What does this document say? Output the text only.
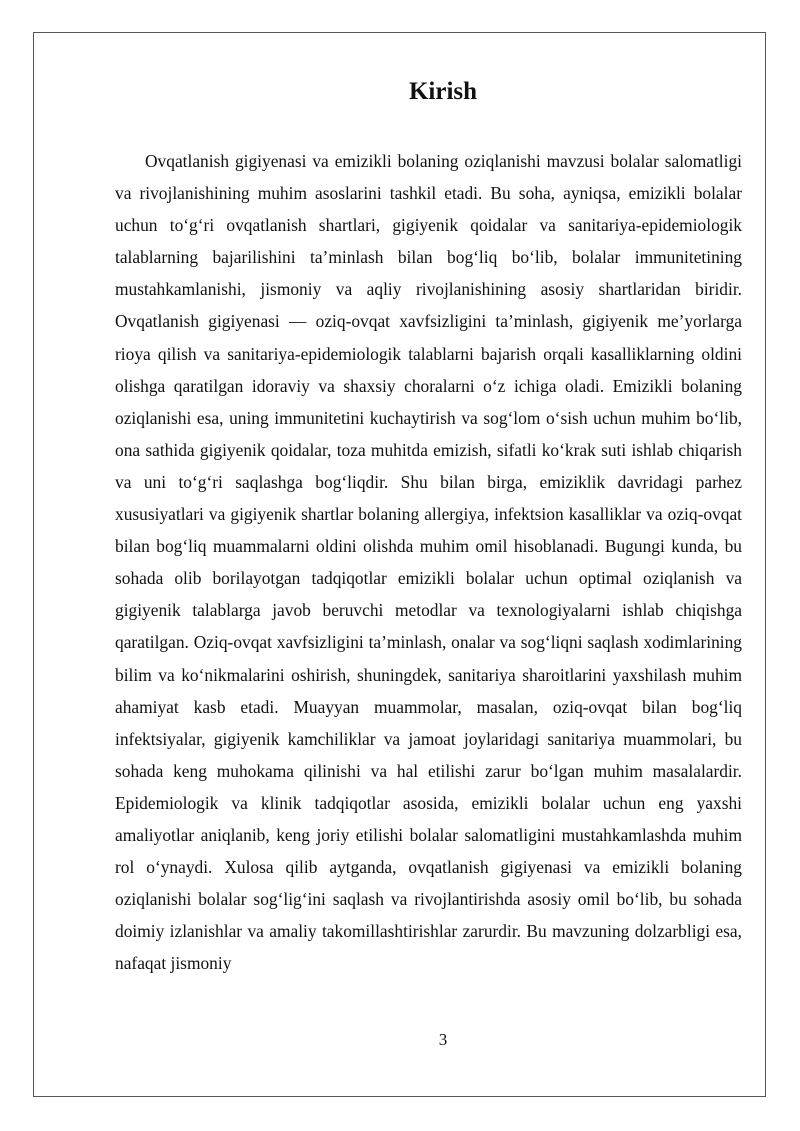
Kirish

Ovqatlanish gigiyenasi va emizikli bolaning oziqlanishi mavzusi bolalar salomatligi va rivojlanishining muhim asoslarini tashkil etadi. Bu soha, ayniqsa, emizikli bolalar uchun to‘g‘ri ovqatlanish shartlari, gigiyenik qoidalar va sanitariya-epidemiologik talablarning bajarilishini ta’minlash bilan bog‘liq bo‘lib, bolalar immunitetining mustahkamlanishi, jismoniy va aqliy rivojlanishining asosiy shartlaridan biridir. Ovqatlanish gigiyenasi — oziq-ovqat xavfsizligini ta’minlash, gigiyenik me’yorlarga rioya qilish va sanitariya-epidemiologik talablarni bajarish orqali kasalliklarning oldini olishga qaratilgan idoraviy va shaxsiy choralarni o‘z ichiga oladi. Emizikli bolaning oziqlanishi esa, uning immunitetini kuchaytirish va sog‘lom o‘sish uchun muhim bo‘lib, ona sathida gigiyenik qoidalar, toza muhitda emizish, sifatli ko‘krak suti ishlab chiqarish va uni to‘g‘ri saqlashga bog‘liqdir. Shu bilan birga, emiziklik davridagi parhez xususiyatlari va gigiyenik shartlar bolaning allergiya, infektsion kasalliklar va oziq-ovqat bilan bog‘liq muammalarni oldini olishda muhim omil hisoblanadi. Bugungi kunda, bu sohada olib borilayotgan tadqiqotlar emizikli bolalar uchun optimal oziqlanish va gigiyenik talablarga javob beruvchi metodlar va texnologiyalarni ishlab chiqishga qaratilgan. Oziq-ovqat xavfsizligini ta’minlash, onalar va sog‘liqni saqlash xodimlarining bilim va ko‘nikmalarini oshirish, shuningdek, sanitariya sharoitlarini yaxshilash muhim ahamiyat kasb etadi. Muayyan muammolar, masalan, oziq-ovqat bilan bog‘liq infektsiyalar, gigiyenik kamchiliklar va jamoat joylaridagi sanitariya muammolari, bu sohada keng muhokama qilinishi va hal etilishi zarur bo‘lgan muhim masalalardir. Epidemiologik va klinik tadqiqotlar asosida, emizikli bolalar uchun eng yaxshi amaliyotlar aniqlanib, keng joriy etilishi bolalar salomatligini mustahkamlashda muhim rol o‘ynaydi. Xulosa qilib aytganda, ovqatlanish gigiyenasi va emizikli bolaning oziqlanishi bolalar sog‘lig‘ini saqlash va rivojlantirishda asosiy omil bo‘lib, bu sohada doimiy izlanishlar va amaliy takomillashtirishlar zarurdir. Bu mavzuning dolzarbligi esa, nafaqat jismoniy

3
